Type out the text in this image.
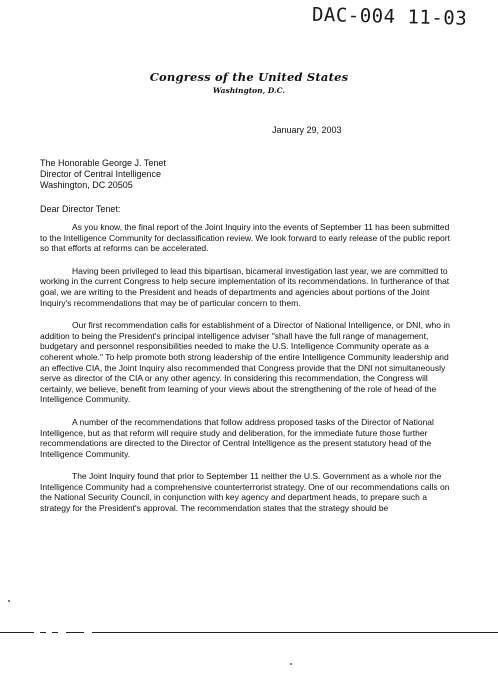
DAC-004 11-03
Congress of the United States
Washington, D.C.
January 29, 2003
The Honorable George J. Tenet
Director of Central Intelligence
Washington, DC 20505
Dear Director Tenet:

As you know, the final report of the Joint Inquiry into the events of September 11 has been submitted to the Intelligence Community for declassification review. We look forward to early release of the public report so that efforts at reforms can be accelerated.

Having been privileged to lead this bipartisan, bicameral investigation last year, we are committed to working in the current Congress to help secure implementation of its recommendations. In furtherance of that goal, we are writing to the President and heads of departments and agencies about portions of the Joint Inquiry's recommendations that may be of particular concern to them.

Our first recommendation calls for establishment of a Director of National Intelligence, or DNI, who in addition to being the President's principal intelligence adviser "shall have the full range of management, budgetary and personnel responsibilities needed to make the U.S. Intelligence Community operate as a coherent whole." To help promote both strong leadership of the entire Intelligence Community leadership and an effective CIA, the Joint Inquiry also recommended that Congress provide that the DNI not simultaneously serve as director of the CIA or any other agency. In considering this recommendation, the Congress will certainly, we believe, benefit from learning of your views about the strengthening of the role of head of the Intelligence Community.

A number of the recommendations that follow address proposed tasks of the Director of National Intelligence, but as that reform will require study and deliberation, for the immediate future those further recommendations are directed to the Director of Central Intelligence as the present statutory head of the Intelligence Community.

The Joint Inquiry found that prior to September 11 neither the U.S. Government as a whole nor the Intelligence Community had a comprehensive counterterrorist strategy. One of our recommendations calls on the National Security Council, in conjunction with key agency and department heads, to prepare such a strategy for the President's approval. The recommendation states that the strategy should be
